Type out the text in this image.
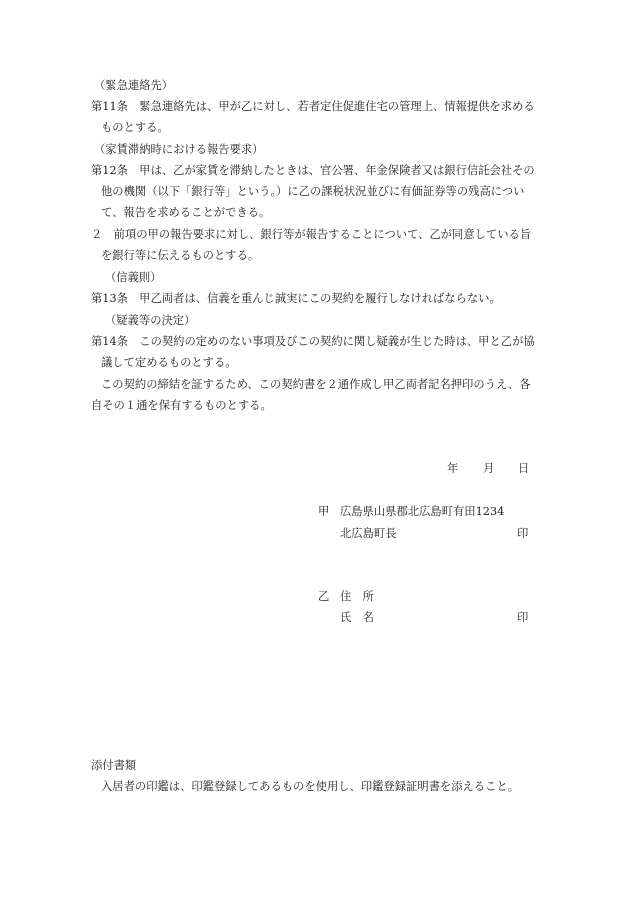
（緊急連絡先）
第11条　緊急連絡先は、甲が乙に対し、若者定住促進住宅の管理上、情報提供を求める
ものとする。
（家賃滞納時における報告要求）
第12条　甲は、乙が家賃を滞納したときは、官公署、年金保険者又は銀行信託会社その
他の機関（以下「銀行等」という。）に乙の課税状況並びに有価証券等の残高につい
て、報告を求めることができる。
２　前項の甲の報告要求に対し、銀行等が報告することについて、乙が同意している旨
を銀行等に伝えるものとする。
（信義則）
第13条　甲乙両者は、信義を重んじ誠実にこの契約を履行しなければならない。
（疑義等の決定）
第14条　この契約の定めのない事項及びこの契約に関し疑義が生じた時は、甲と乙が協
議して定めるものとする。
この契約の締結を証するため、この契約書を２通作成し甲乙両者記名押印のうえ、各
自その１通を保有するものとする。
年 月 日
甲 広島県山県郡北広島町有田1234
北広島町長	印
乙 住　所
氏　名	印
添付書類
入居者の印鑑は、印鑑登録してあるものを使用し、印鑑登録証明書を添えること。
